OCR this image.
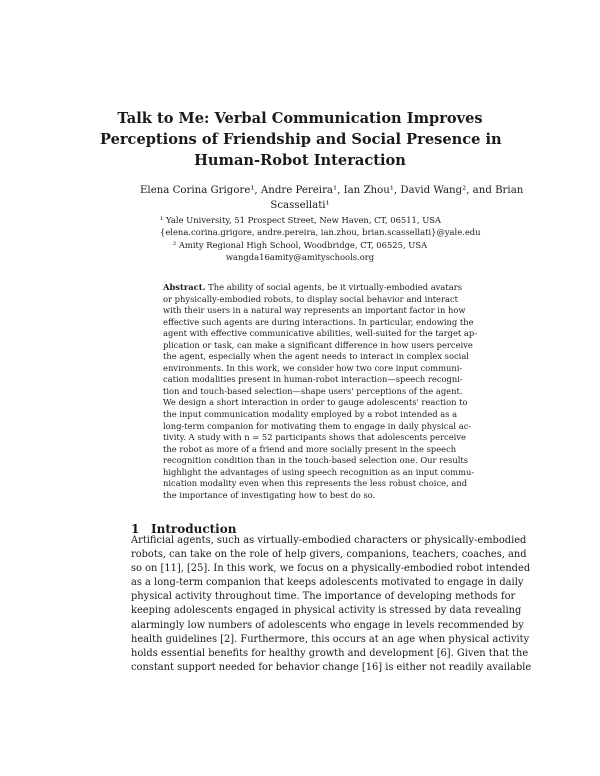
Talk to Me: Verbal Communication Improves
Perceptions of Friendship and Social Presence in
Human-Robot Interaction
Elena Corina Grigore¹, Andre Pereira¹, Ian Zhou¹, David Wang², and Brian
Scassellati¹
¹ Yale University, 51 Prospect Street, New Haven, CT, 06511, USA
{elena.corina.grigore, andre.pereira, ian.zhou, brian.scassellati}@yale.edu
² Amity Regional High School, Woodbridge, CT, 06525, USA
wangda16amity@amityschools.org
Abstract. The ability of social agents, be it virtually-embodied avatars
or physically-embodied robots, to display social behavior and interact
with their users in a natural way represents an important factor in how
effective such agents are during interactions. In particular, endowing the
agent with effective communicative abilities, well-suited for the target ap-
plication or task, can make a significant difference in how users perceive
the agent, especially when the agent needs to interact in complex social
environments. In this work, we consider how two core input communi-
cation modalities present in human-robot interaction—speech recogni-
tion and touch-based selection—shape users' perceptions of the agent.
We design a short interaction in order to gauge adolescents' reaction to
the input communication modality employed by a robot intended as a
long-term companion for motivating them to engage in daily physical ac-
tivity. A study with n = 52 participants shows that adolescents perceive
the robot as more of a friend and more socially present in the speech
recognition condition than in the touch-based selection one. Our results
highlight the advantages of using speech recognition as an input commu-
nication modality even when this represents the less robust choice, and
the importance of investigating how to best do so.
1 Introduction
Artificial agents, such as virtually-embodied characters or physically-embodied
robots, can take on the role of help givers, companions, teachers, coaches, and
so on [11], [25]. In this work, we focus on a physically-embodied robot intended
as a long-term companion that keeps adolescents motivated to engage in daily
physical activity throughout time. The importance of developing methods for
keeping adolescents engaged in physical activity is stressed by data revealing
alarmingly low numbers of adolescents who engage in levels recommended by
health guidelines [2]. Furthermore, this occurs at an age when physical activity
holds essential benefits for healthy growth and development [6]. Given that the
constant support needed for behavior change [16] is either not readily available
